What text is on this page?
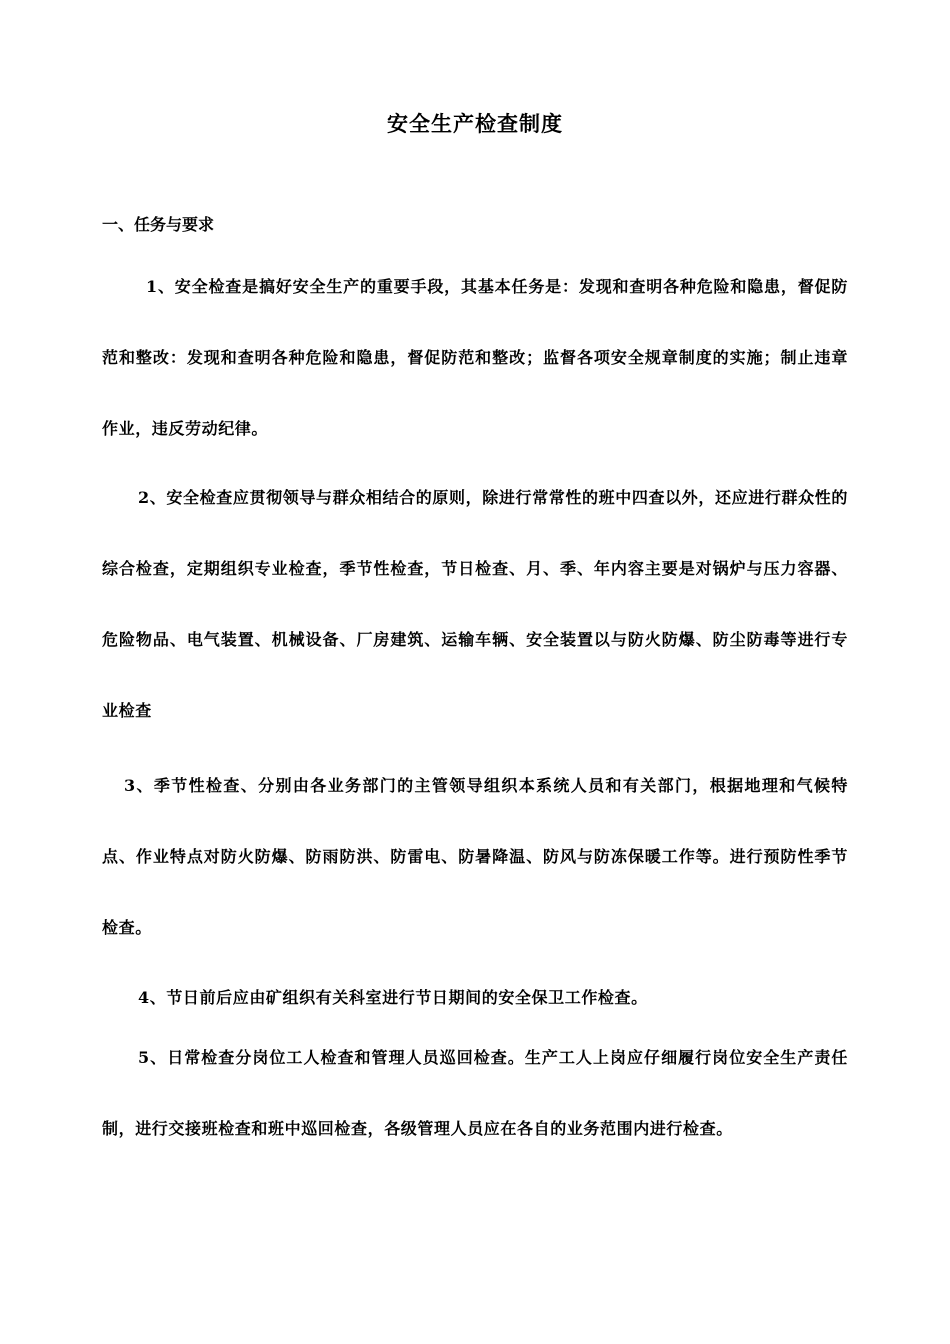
安全生产检查制度
一、任务与要求

1、安全检查是搞好安全生产的重要手段，其基本任务是：发现和查明各种危险和隐患，督促防范和整改：发现和查明各种危险和隐患，督促防范和整改；监督各项安全规章制度的实施；制止违章作业，违反劳动纪律。

2、安全检查应贯彻领导与群众相结合的原则，除进行常常性的班中四查以外，还应进行群众性的综合检查，定期组织专业检查，季节性检查，节日检查、月、季、年内容主要是对锅炉与压力容器、危险物品、电气装置、机械设备、厂房建筑、运输车辆、安全装置以与防火防爆、防尘防毒等进行专业检查

3、季节性检查、分别由各业务部门的主管领导组织本系统人员和有关部门，根据地理和气候特点、作业特点对防火防爆、防雨防洪、防雷电、防暑降温、防风与防冻保暖工作等。进行预防性季节检查。

4、节日前后应由矿组织有关科室进行节日期间的安全保卫工作检查。

5、日常检查分岗位工人检查和管理人员巡回检查。生产工人上岗应仔细履行岗位安全生产责任制，进行交接班检查和班中巡回检查，各级管理人员应在各自的业务范围内进行检查。
